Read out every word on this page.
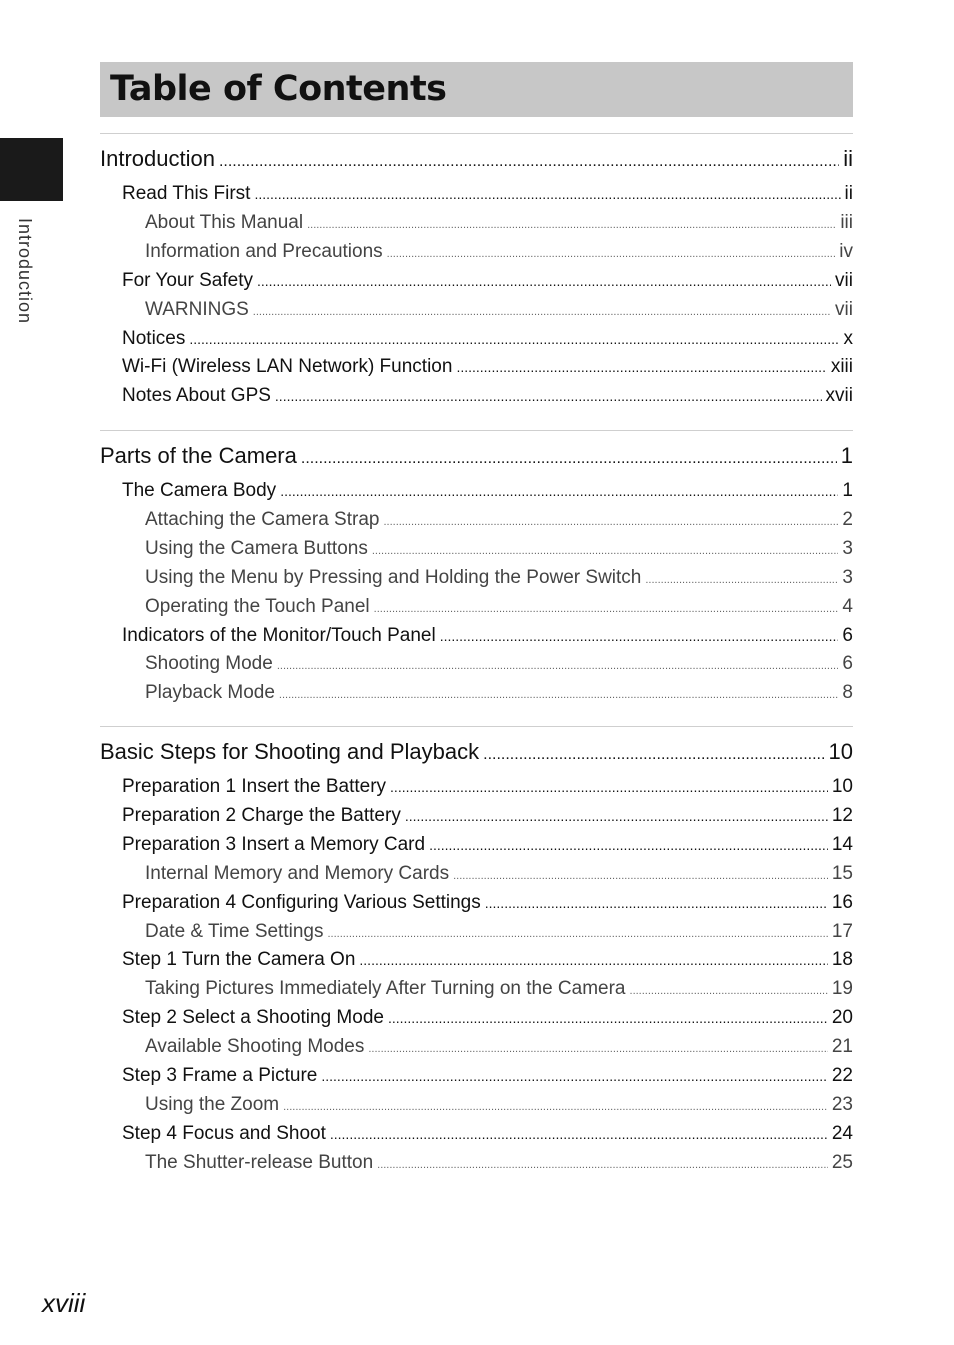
Table of Contents
Introduction
Introduction .....	ii
Read This First .....	ii
About This Manual .....	iii
Information and Precautions .....	iv
For Your Safety .....	vii
WARNINGS .....	vii
Notices .....	x
Wi-Fi (Wireless LAN Network) Function .....	xiii
Notes About GPS .....	xvii
Parts of the Camera .....	1
The Camera Body .....	1
Attaching the Camera Strap .....	2
Using the Camera Buttons .....	3
Using the Menu by Pressing and Holding the Power Switch .....	3
Operating the Touch Panel .....	4
Indicators of the Monitor/Touch Panel .....	6
Shooting Mode .....	6
Playback Mode .....	8
Basic Steps for Shooting and Playback .....	10
Preparation 1 Insert the Battery .....	10
Preparation 2 Charge the Battery .....	12
Preparation 3 Insert a Memory Card .....	14
Internal Memory and Memory Cards .....	15
Preparation 4 Configuring Various Settings .....	16
Date & Time Settings .....	17
Step 1 Turn the Camera On .....	18
Taking Pictures Immediately After Turning on the Camera .....	19
Step 2 Select a Shooting Mode .....	20
Available Shooting Modes .....	21
Step 3 Frame a Picture .....	22
Using the Zoom .....	23
Step 4 Focus and Shoot .....	24
The Shutter-release Button .....	25
xviii
